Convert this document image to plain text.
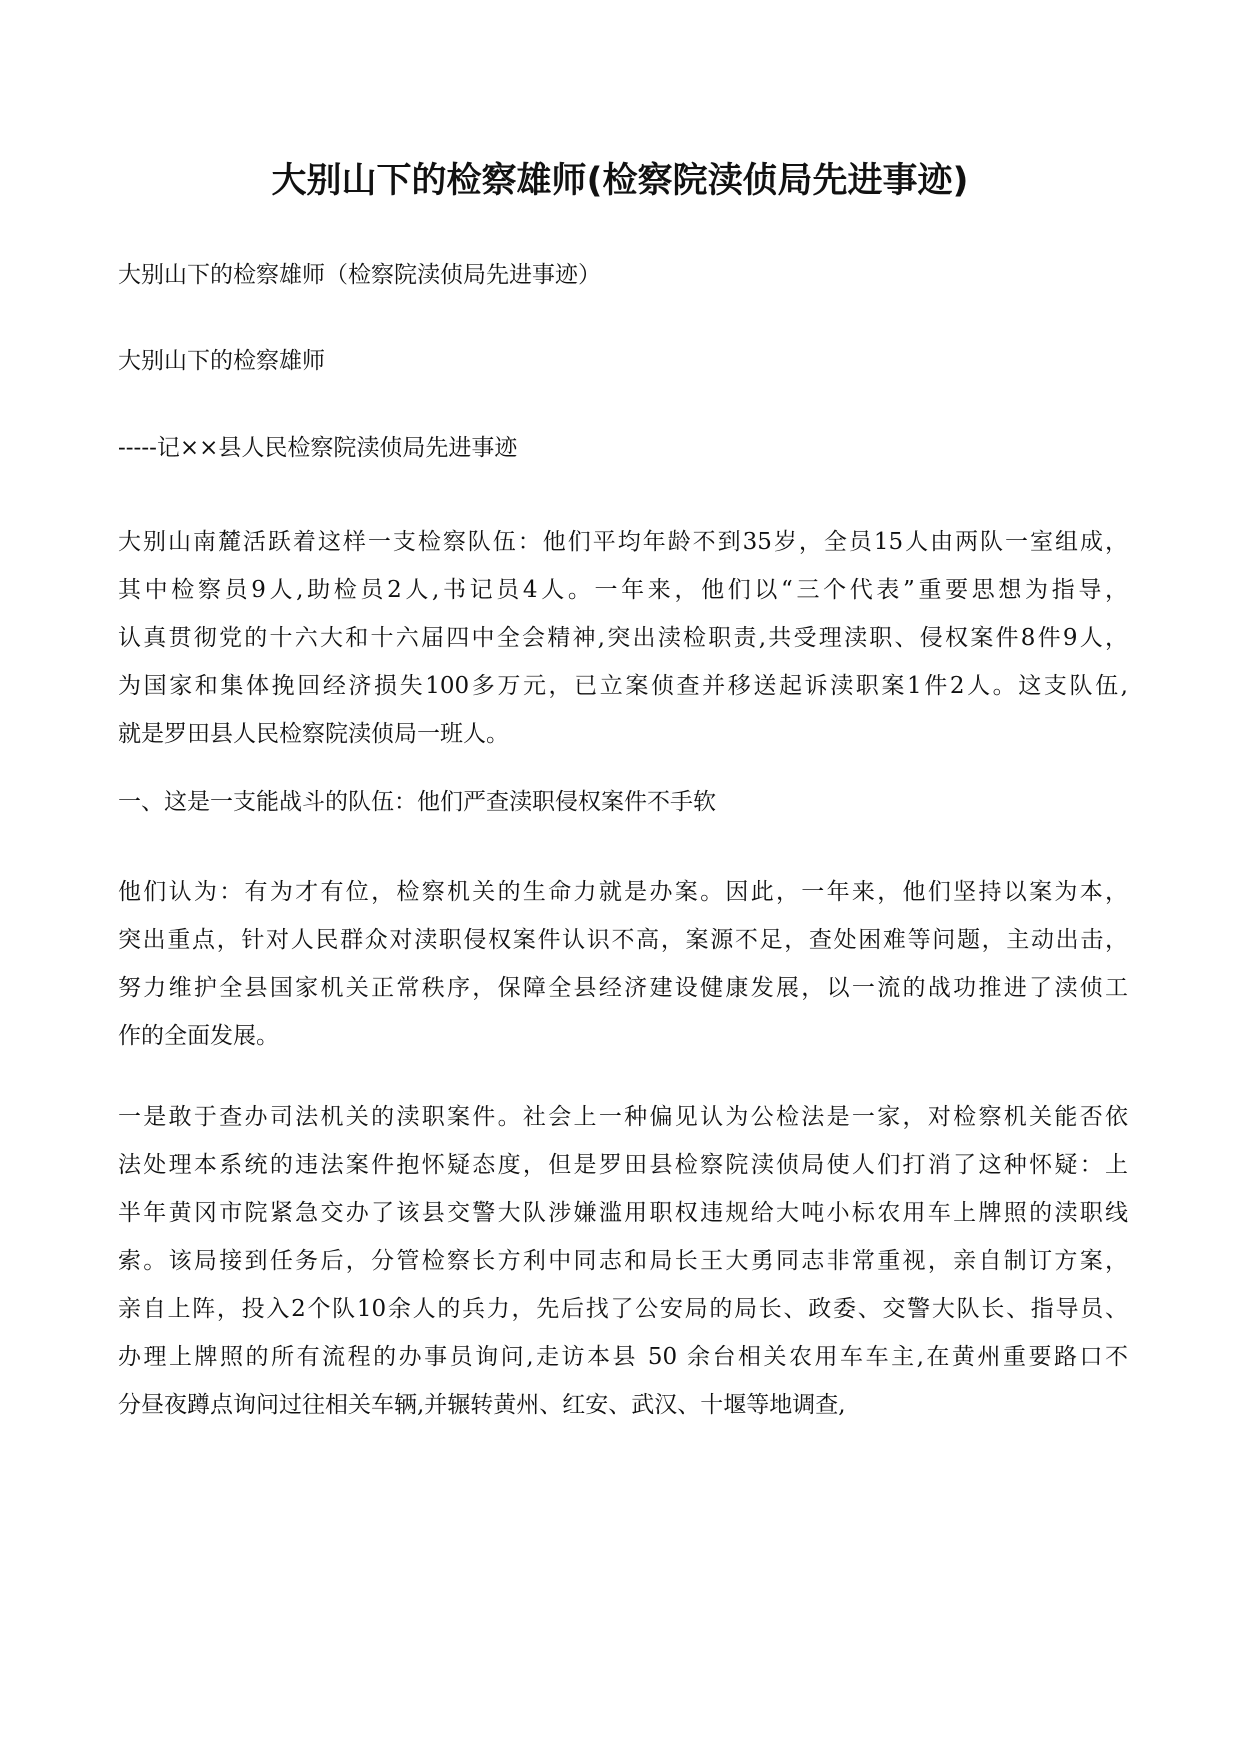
大别山下的检察雄师(检察院渎侦局先进事迹)

大别山下的检察雄师（检察院渎侦局先进事迹）

大别山下的检察雄师

-----记××县人民检察院渎侦局先进事迹

大别山南麓活跃着这样一支检察队伍：他们平均年龄不到35岁，全员15人由两队一室组成，
其中检察员9人,助检员2人,书记员4人。一年来，他们以“三个代表”重要思想为指导，
认真贯彻党的十六大和十六届四中全会精神,突出渎检职责,共受理渎职、侵权案件8件9人，
为国家和集体挽回经济损失100多万元，已立案侦查并移送起诉渎职案1件2人。这支队伍,
就是罗田县人民检察院渎侦局一班人。

一、这是一支能战斗的队伍：他们严查渎职侵权案件不手软

他们认为：有为才有位，检察机关的生命力就是办案。因此，一年来，他们坚持以案为本，
突出重点，针对人民群众对渎职侵权案件认识不高，案源不足，查处困难等问题，主动出击，
努力维护全县国家机关正常秩序，保障全县经济建设健康发展，以一流的战功推进了渎侦工
作的全面发展。
一是敢于查办司法机关的渎职案件。社会上一种偏见认为公检法是一家，对检察机关能否依
法处理本系统的违法案件抱怀疑态度，但是罗田县检察院渎侦局使人们打消了这种怀疑：上
半年黄冈市院紧急交办了该县交警大队涉嫌滥用职权违规给大吨小标农用车上牌照的渎职线
索。该局接到任务后，分管检察长方利中同志和局长王大勇同志非常重视，亲自制订方案，
亲自上阵，投入2个队10余人的兵力，先后找了公安局的局长、政委、交警大队长、指导员、
办理上牌照的所有流程的办事员询问,走访本县 50 余台相关农用车车主,在黄州重要路口不
分昼夜蹲点询问过往相关车辆,并辗转黄州、红安、武汉、十堰等地调查,
